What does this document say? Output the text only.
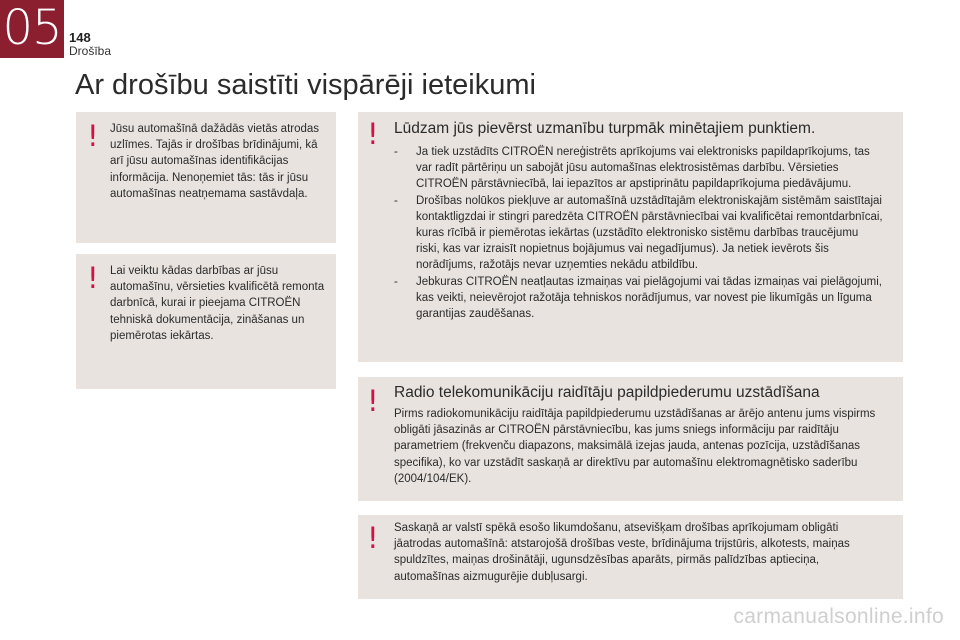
05 148
Drošība
Ar drošību saistīti vispārēji ieteikumi
! Jūsu automašīnā dažādās vietās atrodas uzlīmes. Tajās ir drošības brīdinājumi, kā arī jūsu automašīnas identifikācijas informācija. Nenoņemiet tās: tās ir jūsu automašīnas neatņemama sastāvdaļa.
! Lai veiktu kādas darbības ar jūsu automašīnu, vērsieties kvalificētā remonta darbnīcā, kurai ir pieejama CITROËN tehniskā dokumentācija, zināšanas un piemērotas iekārtas.
! Lūdzam jūs pievērst uzmanību turpmāk minētajiem punktiem.
- Ja tiek uzstādīts CITROËN nereģistrēts aprīkojums vai elektronisks papildaprīkojums, tas var radīt pārtēriņu un sabojāt jūsu automašīnas elektrosistēmas darbību. Vērsieties CITROËN pārstāvniecībā, lai iepazītos ar apstiprinātu papildaprīkojuma piedāvājumu.
- Drošības nolūkos piekļuve ar automašīnā uzstādītajām elektroniskajām sistēmām saistītajai kontaktligzdai ir stingri paredzēta CITROËN pārstāvniecībai vai kvalificētai remontdarbnīcai, kuras rīcībā ir piemērotas iekārtas (uzstādīto elektronisko sistēmu darbības traucējumu riski, kas var izraisīt nopietnus bojājumus vai negadījumus). Ja netiek ievērots šis norādījums, ražotājs nevar uzņemties nekādu atbildību.
- Jebkuras CITROËN neatļautas izmaiņas vai pielāgojumi vai tādas izmaiņas vai pielāgojumi, kas veikti, neievērojot ražotāja tehniskos norādījumus, var novest pie likumīgās un līguma garantijas zaudēšanas.
! Radio telekomunikāciju raidītāju papildpiederumu uzstādīšana
Pirms radiokomunikāciju raidītāja papildpiederumu uzstādīšanas ar ārējo antenu jums vispirms obligāti jāsazinās ar CITROËN pārstāvniecību, kas jums sniegs informāciju par raidītāju parametriem (frekvenču diapazons, maksimālā izejas jauda, antenas pozīcija, uzstādīšanas specifika), ko var uzstādīt saskaņā ar direktīvu par automašīnu elektromagnētisko saderību (2004/104/EK).
! Saskaņā ar valstī spēkā esošo likumdošanu, atsevišķam drošības aprīkojumam obligāti jāatrodas automašīnā: atstarojošā drošības veste, brīdinājuma trijstūris, alkotests, maiņas spuldzītes, maiņas drošinātāji, ugunsdzēsības aparāts, pirmās palīdzības aptieciņa, automašīnas aizmugurējie dubļusargi.
carmanualsonline.info
